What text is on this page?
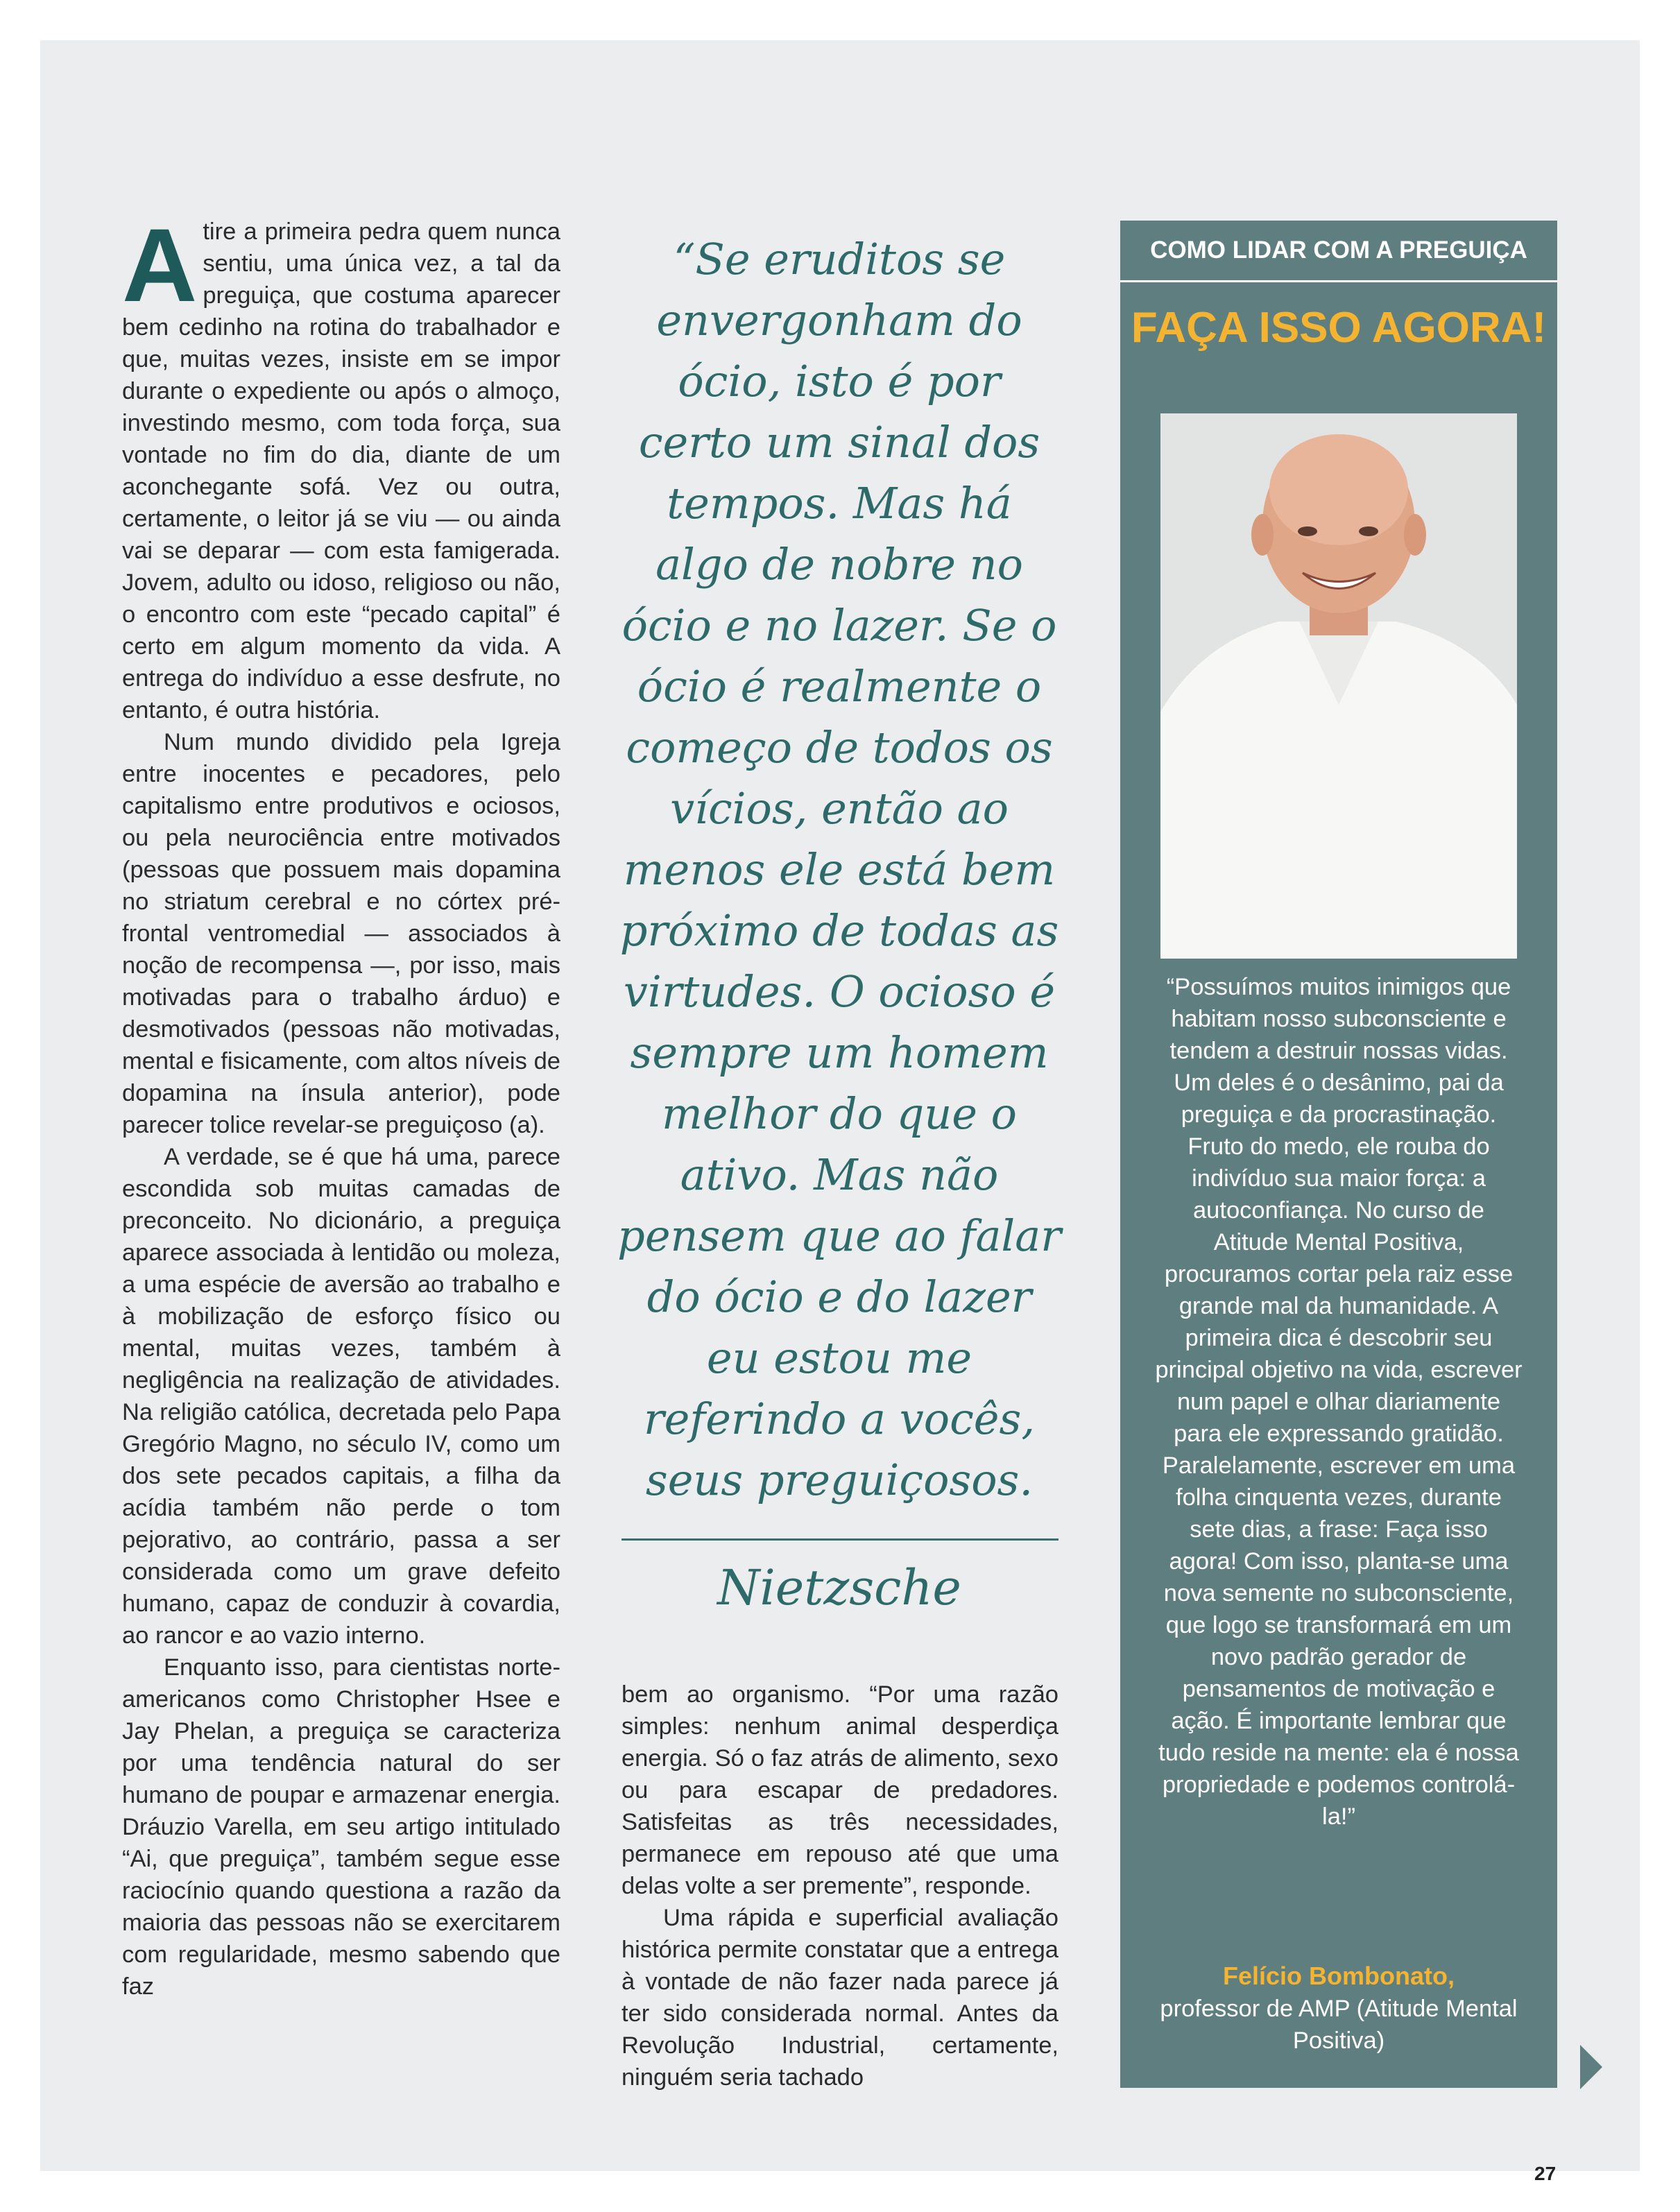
Atire a primeira pedra quem nunca sentiu, uma única vez, a tal da preguiça, que costuma aparecer bem cedinho na rotina do trabalhador e que, muitas vezes, insiste em se impor durante o expediente ou após o almoço, investindo mesmo, com toda força, sua vontade no fim do dia, diante de um aconchegante sofá. Vez ou outra, certamente, o leitor já se viu — ou ainda vai se deparar — com esta famigerada. Jovem, adulto ou idoso, religioso ou não, o encontro com este “pecado capital” é certo em algum momento da vida. A entrega do indivíduo a esse desfrute, no entanto, é outra história.

Num mundo dividido pela Igreja entre inocentes e pecadores, pelo capitalismo entre produtivos e ociosos, ou pela neurociência entre motivados (pessoas que possuem mais dopamina no striatum cerebral e no córtex pré-frontal ventromedial — associados à noção de recompensa —, por isso, mais motivadas para o trabalho árduo) e desmotivados (pessoas não motivadas, mental e fisicamente, com altos níveis de dopamina na ínsula anterior), pode parecer tolice revelar-se preguiçoso (a).

A verdade, se é que há uma, parece escondida sob muitas camadas de preconceito. No dicionário, a preguiça aparece associada à lentidão ou moleza, a uma espécie de aversão ao trabalho e à mobilização de esforço físico ou mental, muitas vezes, também à negligência na realização de atividades. Na religião católica, decretada pelo Papa Gregório Magno, no século IV, como um dos sete pecados capitais, a filha da acídia também não perde o tom pejorativo, ao contrário, passa a ser considerada como um grave defeito humano, capaz de conduzir à covardia, ao rancor e ao vazio interno.

Enquanto isso, para cientistas norte-americanos como Christopher Hsee e Jay Phelan, a preguiça se caracteriza por uma tendência natural do ser humano de poupar e armazenar energia. Dráuzio Varella, em seu artigo intitulado “Ai, que preguiça”, também segue esse raciocínio quando questiona a razão da maioria das pessoas não se exercitarem com regularidade, mesmo sabendo que faz

“Se eruditos se envergonham do ócio, isto é por certo um sinal dos tempos. Mas há algo de nobre no ócio e no lazer. Se o ócio é realmente o começo de todos os vícios, então ao menos ele está bem próximo de todas as virtudes. O ocioso é sempre um homem melhor do que o ativo. Mas não pensem que ao falar do ócio e do lazer eu estou me referindo a vocês, seus preguiçosos.
Nietzsche

bem ao organismo. “Por uma razão simples: nenhum animal desperdiça energia. Só o faz atrás de alimento, sexo ou para escapar de predadores. Satisfeitas as três necessidades, permanece em repouso até que uma delas volte a ser premente”, responde.

Uma rápida e superficial avaliação histórica permite constatar que a entrega à vontade de não fazer nada parece já ter sido considerada normal. Antes da Revolução Industrial, certamente, ninguém seria tachado

COMO LIDAR COM A PREGUIÇA
FAÇA ISSO AGORA!
“Possuímos muitos inimigos que habitam nosso subconsciente e tendem a destruir nossas vidas. Um deles é o desânimo, pai da preguiça e da procrastinação. Fruto do medo, ele rouba do indivíduo sua maior força: a autoconfiança. No curso de Atitude Mental Positiva, procuramos cortar pela raiz esse grande mal da humanidade. A primeira dica é descobrir seu principal objetivo na vida, escrever num papel e olhar diariamente para ele expressando gratidão. Paralelamente, escrever em uma folha cinquenta vezes, durante sete dias, a frase: Faça isso agora! Com isso, planta-se uma nova semente no subconsciente, que logo se transformará em um novo padrão gerador de pensamentos de motivação e ação. É importante lembrar que tudo reside na mente: ela é nossa propriedade e podemos controlá-la!”
Felício Bombonato,
professor de AMP (Atitude Mental Positiva)
27
